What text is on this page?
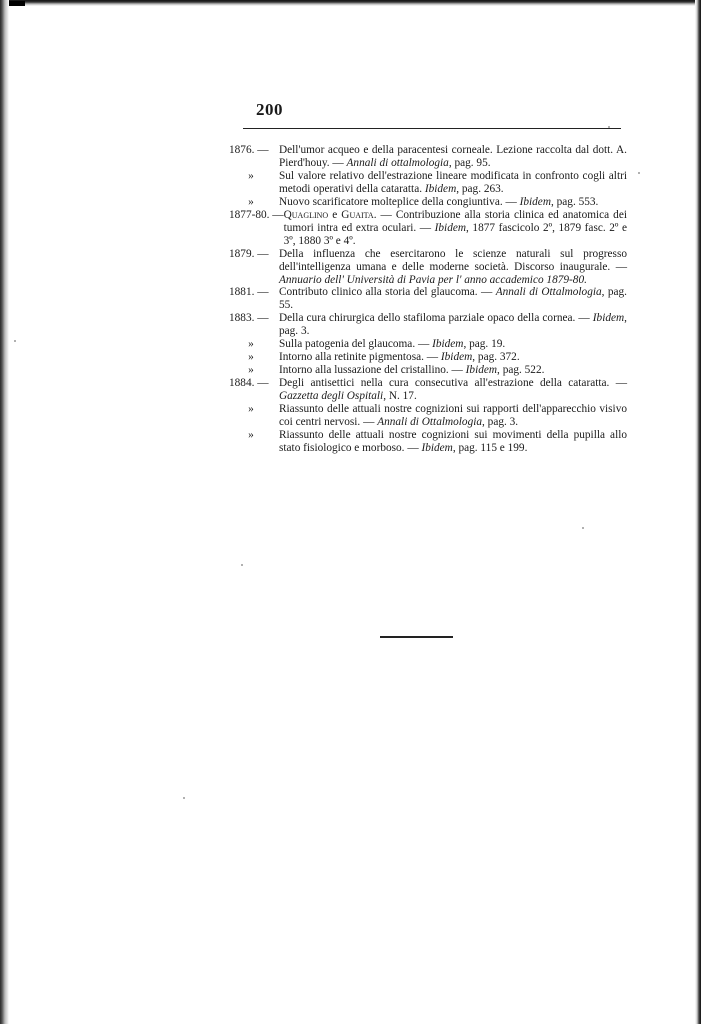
200
1876. — Dell'umor acqueo e della paracentesi corneale. Lezione raccolta dal dott. A. Pierd'houy. — Annali di ottalmologia, pag. 95.
»	Sul valore relativo dell'estrazione lineare modificata in confronto cogli altri metodi operativi della cataratta. Ibidem, pag. 263.
»	Nuovo scarificatore molteplice della congiuntiva. — Ibidem, pag. 553.
1877-80. — Quaglino e Guaita. — Contribuzione alla storia clinica ed anatomica dei tumori intra ed extra oculari. — Ibidem, 1877 fascicolo 2º, 1879 fasc. 2º e 3º, 1880 3º e 4º.
1879. — Della influenza che esercitarono le scienze naturali sul progresso dell'intelligenza umana e delle moderne società. Discorso inaugurale. — Annuario dell' Università di Pavia per l' anno accademico 1879-80.
1881. — Contributo clinico alla storia del glaucoma. — Annali di Ottalmologia, pag. 55.
1883. — Della cura chirurgica dello stafiloma parziale opaco della cornea. — Ibidem, pag. 3.
»	Sulla patogenia del glaucoma. — Ibidem, pag. 19.
»	Intorno alla retinite pigmentosa. — Ibidem, pag. 372.
»	Intorno alla lussazione del cristallino. — Ibidem, pag. 522.
1884. — Degli antisettici nella cura consecutiva all'estrazione della cataratta. — Gazzetta degli Ospitali, N. 17.
»	Riassunto delle attuali nostre cognizioni sui rapporti dell'apparecchio visivo coi centri nervosi. — Annali di Ottalmologia, pag. 3.
»	Riassunto delle attuali nostre cognizioni sui movimenti della pupilla allo stato fisiologico e morboso. — Ibidem, pag. 115 e 199.
